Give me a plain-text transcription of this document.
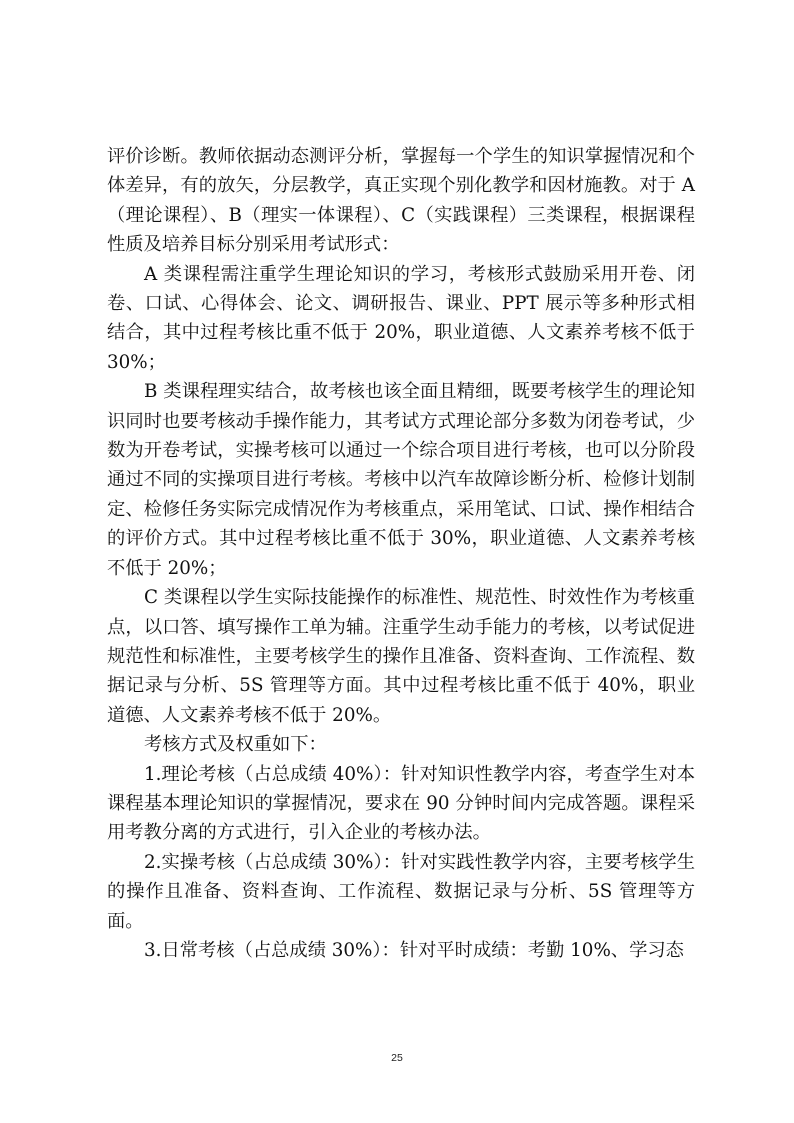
评价诊断。教师依据动态测评分析，掌握每一个学生的知识掌握情况和个体差异，有的放矢，分层教学，真正实现个别化教学和因材施教。对于 A（理论课程）、B（理实一体课程）、C（实践课程）三类课程，根据课程性质及培养目标分别采用考试形式：

A 类课程需注重学生理论知识的学习，考核形式鼓励采用开卷、闭卷、口试、心得体会、论文、调研报告、课业、PPT 展示等多种形式相结合，其中过程考核比重不低于 20%，职业道德、人文素养考核不低于 30%；

B 类课程理实结合，故考核也该全面且精细，既要考核学生的理论知识同时也要考核动手操作能力，其考试方式理论部分多数为闭卷考试，少数为开卷考试，实操考核可以通过一个综合项目进行考核，也可以分阶段通过不同的实操项目进行考核。考核中以汽车故障诊断分析、检修计划制定、检修任务实际完成情况作为考核重点，采用笔试、口试、操作相结合的评价方式。其中过程考核比重不低于 30%，职业道德、人文素养考核不低于 20%；

C 类课程以学生实际技能操作的标准性、规范性、时效性作为考核重点，以口答、填写操作工单为辅。注重学生动手能力的考核，以考试促进规范性和标准性，主要考核学生的操作且准备、资料查询、工作流程、数据记录与分析、5S 管理等方面。其中过程考核比重不低于 40%，职业道德、人文素养考核不低于 20%。

考核方式及权重如下：

1.理论考核（占总成绩 40%）：针对知识性教学内容，考查学生对本课程基本理论知识的掌握情况，要求在 90 分钟时间内完成答题。课程采用考教分离的方式进行，引入企业的考核办法。

2.实操考核（占总成绩 30%）：针对实践性教学内容，主要考核学生的操作且准备、资料查询、工作流程、数据记录与分析、5S 管理等方面。

3.日常考核（占总成绩 30%）：针对平时成绩：考勤 10%、学习态

25
